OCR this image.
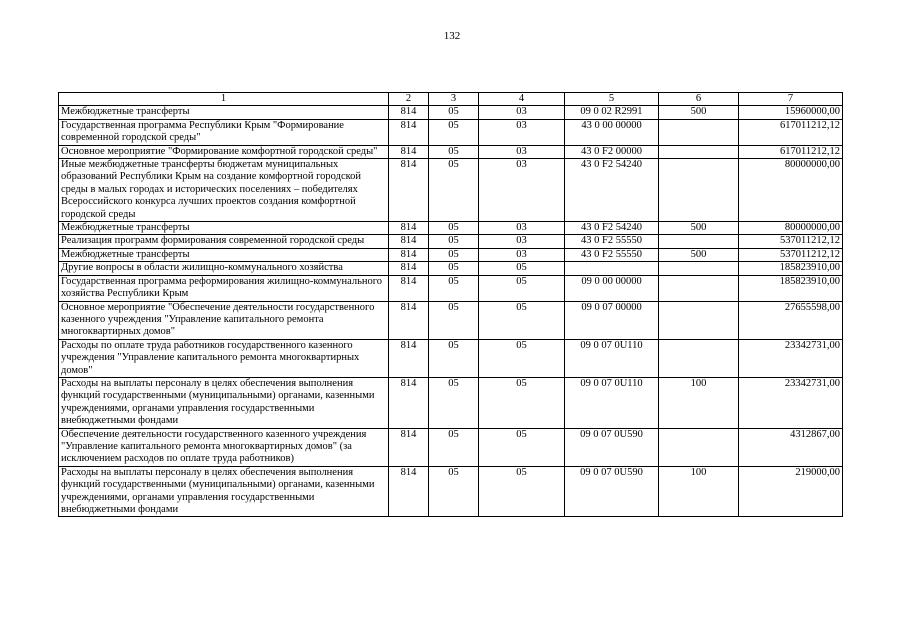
132
1	2	3	4	5	6	7
Межбюджетные трансферты	814	05	03	09 0 02 R2991	500	15960000,00
Государственная программа Республики Крым "Формирование современной городской среды"	814	05	03	43 0 00 00000		617011212,12
Основное мероприятие "Формирование комфортной городской среды"	814	05	03	43 0 F2 00000		617011212,12
Иные межбюджетные трансферты бюджетам муниципальных образований Республики Крым на создание комфортной городской среды в малых городах и исторических поселениях – победителях Всероссийского конкурса лучших проектов создания комфортной городской среды	814	05	03	43 0 F2 54240		80000000,00
Межбюджетные трансферты	814	05	03	43 0 F2 54240	500	80000000,00
Реализация программ формирования современной городской среды	814	05	03	43 0 F2 55550		537011212,12
Межбюджетные трансферты	814	05	03	43 0 F2 55550	500	537011212,12
Другие вопросы в области жилищно-коммунального хозяйства	814	05	05			185823910,00
Государственная программа реформирования жилищно-коммунального хозяйства Республики Крым	814	05	05	09 0 00 00000		185823910,00
Основное мероприятие "Обеспечение деятельности государственного казенного учреждения "Управление капитального ремонта многоквартирных домов"	814	05	05	09 0 07 00000		27655598,00
Расходы по оплате труда работников государственного казенного учреждения "Управление капитального ремонта многоквартирных домов"	814	05	05	09 0 07 0U110		23342731,00
Расходы на выплаты персоналу в целях обеспечения выполнения функций государственными (муниципальными) органами, казенными учреждениями, органами управления государственными внебюджетными фондами	814	05	05	09 0 07 0U110	100	23342731,00
Обеспечение деятельности государственного казенного учреждения "Управление капитального ремонта многоквартирных домов" (за исключением расходов по оплате труда работников)	814	05	05	09 0 07 0U590		4312867,00
Расходы на выплаты персоналу в целях обеспечения выполнения функций государственными (муниципальными) органами, казенными учреждениями, органами управления государственными внебюджетными фондами	814	05	05	09 0 07 0U590	100	219000,00
